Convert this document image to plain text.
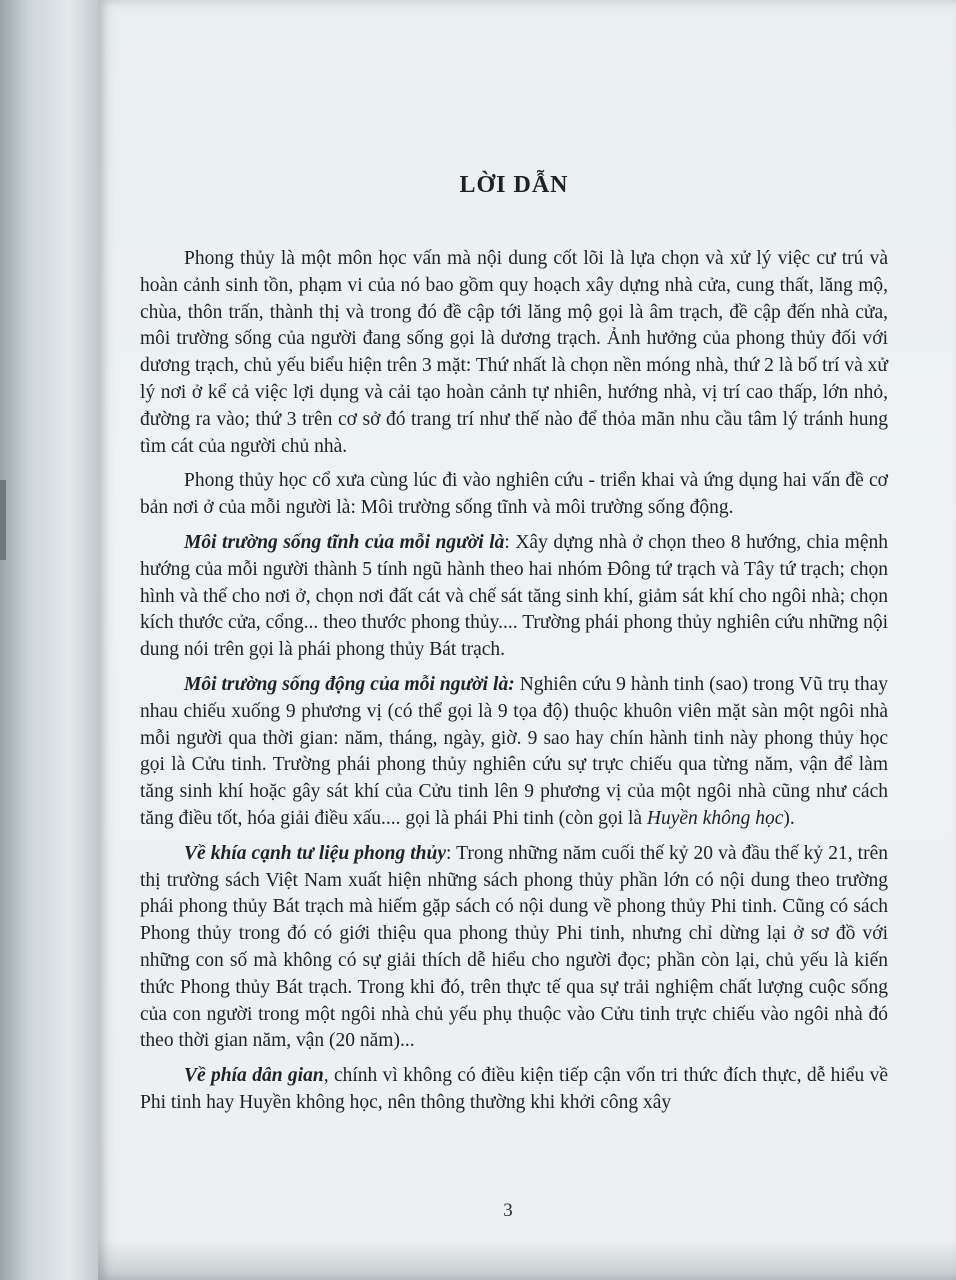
LỜI DẪN

Phong thủy là một môn học vấn mà nội dung cốt lõi là lựa chọn và xử lý việc cư trú và hoàn cảnh sinh tồn, phạm vi của nó bao gồm quy hoạch xây dựng nhà cửa, cung thất, lăng mộ, chùa, thôn trấn, thành thị và trong đó đề cập tới lăng mộ gọi là âm trạch, đề cập đến nhà cửa, môi trường sống của người đang sống gọi là dương trạch. Ảnh hưởng của phong thủy đối với dương trạch, chủ yếu biểu hiện trên 3 mặt: Thứ nhất là chọn nền móng nhà, thứ 2 là bố trí và xử lý nơi ở kể cả việc lợi dụng và cải tạo hoàn cảnh tự nhiên, hướng nhà, vị trí cao thấp, lớn nhỏ, đường ra vào; thứ 3 trên cơ sở đó trang trí như thế nào để thỏa mãn nhu cầu tâm lý tránh hung tìm cát của người chủ nhà.

Phong thủy học cổ xưa cùng lúc đi vào nghiên cứu - triển khai và ứng dụng hai vấn đề cơ bản nơi ở của mỗi người là: Môi trường sống tĩnh và môi trường sống động.

Môi trường sống tĩnh của mỗi người là: Xây dựng nhà ở chọn theo 8 hướng, chia mệnh hướng của mỗi người thành 5 tính ngũ hành theo hai nhóm Đông tứ trạch và Tây tứ trạch; chọn hình và thế cho nơi ở, chọn nơi đất cát và chế sát tăng sinh khí, giảm sát khí cho ngôi nhà; chọn kích thước cửa, cổng... theo thước phong thủy.... Trường phái phong thủy nghiên cứu những nội dung nói trên gọi là phái phong thủy Bát trạch.

Môi trường sống động của mỗi người là: Nghiên cứu 9 hành tinh (sao) trong Vũ trụ thay nhau chiếu xuống 9 phương vị (có thể gọi là 9 tọa độ) thuộc khuôn viên mặt sàn một ngôi nhà mỗi người qua thời gian: năm, tháng, ngày, giờ. 9 sao hay chín hành tinh này phong thủy học gọi là Cửu tinh. Trường phái phong thủy nghiên cứu sự trực chiếu qua từng năm, vận để làm tăng sinh khí hoặc gây sát khí của Cửu tinh lên 9 phương vị của một ngôi nhà cũng như cách tăng điều tốt, hóa giải điều xấu.... gọi là phái Phi tinh (còn gọi là Huyền không học).

Về khía cạnh tư liệu phong thủy: Trong những năm cuối thế kỷ 20 và đầu thế kỷ 21, trên thị trường sách Việt Nam xuất hiện những sách phong thủy phần lớn có nội dung theo trường phái phong thủy Bát trạch mà hiếm gặp sách có nội dung về phong thủy Phi tinh. Cũng có sách Phong thủy trong đó có giới thiệu qua phong thủy Phi tinh, nhưng chỉ dừng lại ở sơ đồ với những con số mà không có sự giải thích dễ hiểu cho người đọc; phần còn lại, chủ yếu là kiến thức Phong thủy Bát trạch. Trong khi đó, trên thực tế qua sự trải nghiệm chất lượng cuộc sống của con người trong một ngôi nhà chủ yếu phụ thuộc vào Cửu tinh trực chiếu vào ngôi nhà đó theo thời gian năm, vận (20 năm)...

Về phía dân gian, chính vì không có điều kiện tiếp cận vốn tri thức đích thực, dễ hiểu về Phi tinh hay Huyền không học, nên thông thường khi khởi công xây

3
